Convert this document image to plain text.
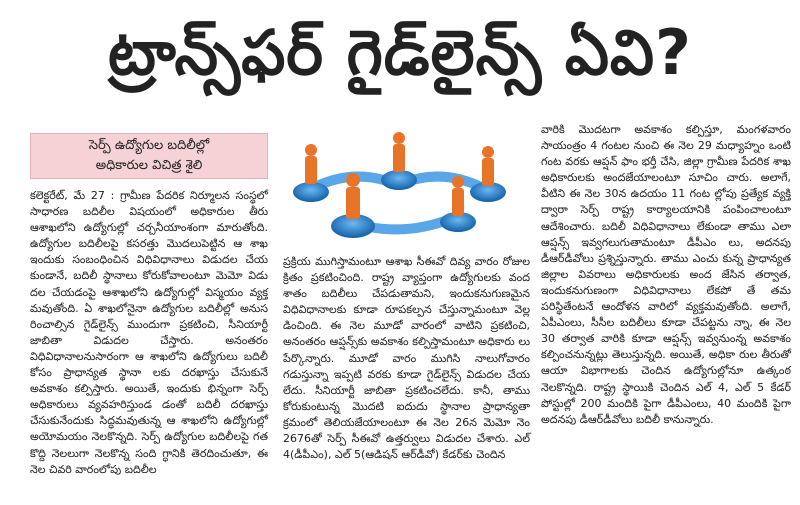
ట్రాన్స్‌ఫర్ గైడ్‌లైన్స్ ఏవి?
సెర్ప్ ఉద్యోగుల బదిలీల్లో
అధికారుల విచిత్ర శైలి
కలెక్టరేట్, మే 27 : గ్రామీణ పేదరిక నిర్మూలన సంస్థలో సాధారణ బదిలీల విషయంలో అధికారుల తీరు ఆశాఖలోని ఉద్యోగుల్లో చర్చనీయాంశంగా మారుతోంది. ఉద్యోగుల బదిలీలపై కసరత్తు మొదలుపెట్టిన ఆ శాఖ ఇందుకు సంబంధించిన విధివిధానాలు విడుదల చేయ కుండానే, బదిలీ స్థానాలు కోరుకోవాలంటూ మెమో విడు దల చేయడంపై ఆశాఖలోని ఉద్యోగుల్లో విస్మయం వ్యక్త మవుతోంది. ఏ శాఖలోనైనా ఉద్యోగుల బదిలీల్లో అనుస రించాల్సిన గైడ్‌లైన్స్ ముందుగా ప్రకటించి, సీనియార్టీ జాబితా విడుదల చేస్తారు. అనంతరం విధివిధానాలనుసారంగా ఆ శాఖలోని ఉద్యోగులు బదిలీ కోసం ప్రాధాన్యత స్థానా లకు దరఖాస్తు చేసుకునే అవకాశం కల్పిస్తారు. అయితే, ఇందుకు భిన్నంగా సెర్ప్ అధికారులు వ్యవహరిస్తుండ డంతో బదిలీ దరఖాస్తు చేసుకునేందుకు సిద్ధమవుతున్న ఆ శాఖలోని ఉద్యోగుల్లో అయోమయం నెలకొన్నది. సెర్ప్ ఉద్యోగుల బదిలీలపై గత కొద్ది నెలలుగా నెలకొన్న సంది గ్ధానికి తెరదించుతూ, ఈ నెల చివరి వారంలోపు బదిలీల
ప్రక్రియ ముగిస్తామంటూ ఆశాఖ సీఈవో దివ్య వారం రోజుల క్రితం ప్రకటించింది. రాష్ట్ర వ్యాప్తంగా ఉద్యోగులకు వంద శాతం బదిలీలు చేపడుతామని, ఇందుకనుగుణమైన విధివిధానాలకు కూడా రూపకల్పన చేస్తున్నామంటూ వెల్ల డించింది. ఈ నెల మూడో వారంలో వాటిని ప్రకటించి, అనంతరం ఆప్షన్స్‌కు అవకాశం కల్పిస్తామంటూ అధికారు లు పేర్కొన్నారు. మూడో వారం ముగిసి నాలుగోవారం గడుస్తున్నా ఇప్పటి వరకు కూడా గైడ్‌లైన్స్ విడుదల చేయ లేదు. సీనియార్టీ జాబితా ప్రకటించలేదు. కానీ, తాము కోరుకుంటున్న మొదటి ఐదుదు స్థానాల ప్రాధాన్యతా క్రమంలో తెలియజేయాలంటూ ఈ నెల 26న మెమో నెం 2676తో సెర్ప్ సీఈవో ఉత్తర్వులు విడుదల చేశారు. ఎల్ 4(డీపీఎం), ఎల్ 5(ఆడిషన్ ఆర్‌డీవో) కేడర్‌కు చెందిన
వారికి మొదటగా అవకాశం కల్పిస్తూ, మంగళవారం సాయంత్రం 4 గంటల నుంచి ఈ నెల 29 మధ్యాహ్నం ఒంటి గంట వరకు ఆప్షన్ ఫాం భర్తీ చేసి, జిల్లా గ్రామీణ పేదరిక శాఖ అధికారులకు అందజేయాలంటూ సూచిం చారు. అలాగే, వీటిని ఈ నెల 30న ఉదయం 11 గంట ల్లోపు ప్రత్యేక వ్యక్తి ద్వారా సెర్ప్ రాష్ట్ర కార్యాలయానికి పంపించాలంటూ ఆదేశించారు. బదిలీ విధివిధానాలు లేకుండా తాము ఎలా ఆప్షన్స్ ఇవ్వగలుగుతామంటూ డీపీఎం లు, అదనపు డీఆర్‌డీవోలు ప్రశ్నిస్తున్నారు. తాము ఎంచు కున్న ప్రాధాన్యత జిల్లాల వివరాలు అధికారులకు అంద జేసిన తర్వాత, ఇందుకనుగుణంగా విధివిధానాలు లేకపో తే తమ పరిస్థితేంటనే ఆందోళన వారిలో వ్యక్తమవుతోంది. అలాగే, ఏపీఎంలు, సీసీల బదిలీలు కూడా చేపట్టను న్నా, ఈ నెల 30 తర్వాత వారికి కూడా ఆప్షన్స్ ఇవ్వనుంన్న అవకాశం కల్పించనున్నట్లు తెలుస్తున్నది. అయితే, అధికా రుల తీరుతో ఆయా విభాగాలకు చెందిన ఉద్యోగుల్లోనూ ఉత్కంఠ నెలకొన్నది. రాష్ట్ర స్థాయికి చెందిన ఎల్ 4, ఎల్ 5 కేడర్ పోస్టుల్లో 200 మందికి పైగా డీపీఎంలు, 40 మందికి పైగా అదనపు డీఆర్‌డీవోలు బదిలీ కానున్నారు.
